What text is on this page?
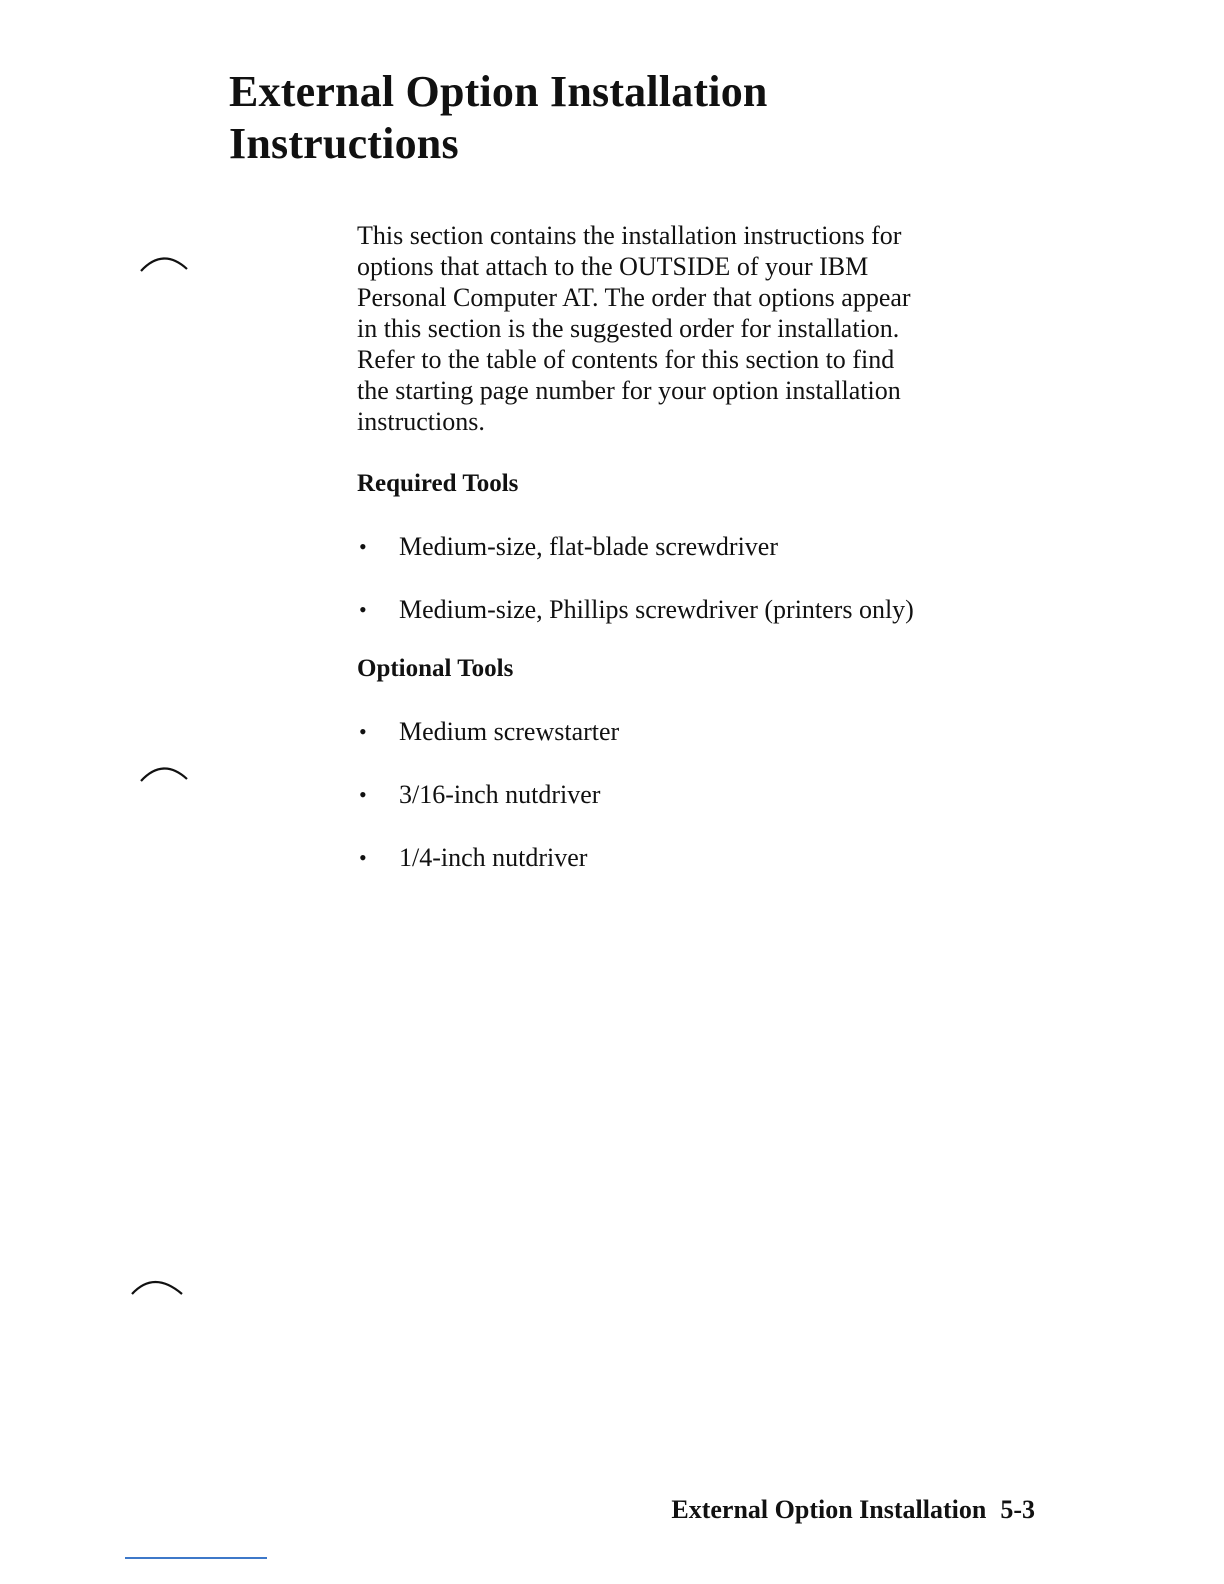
External Option Installation
Instructions

This section contains the installation instructions for
options that attach to the OUTSIDE of your IBM
Personal Computer AT. The order that options appear
in this section is the suggested order for installation.
Refer to the table of contents for this section to find
the starting page number for your option installation
instructions.

Required Tools
• Medium-size, flat-blade screwdriver
• Medium-size, Phillips screwdriver (printers only)
Optional Tools
• Medium screwstarter
• 3/16-inch nutdriver
• 1/4-inch nutdriver
External Option Installation 5-3
